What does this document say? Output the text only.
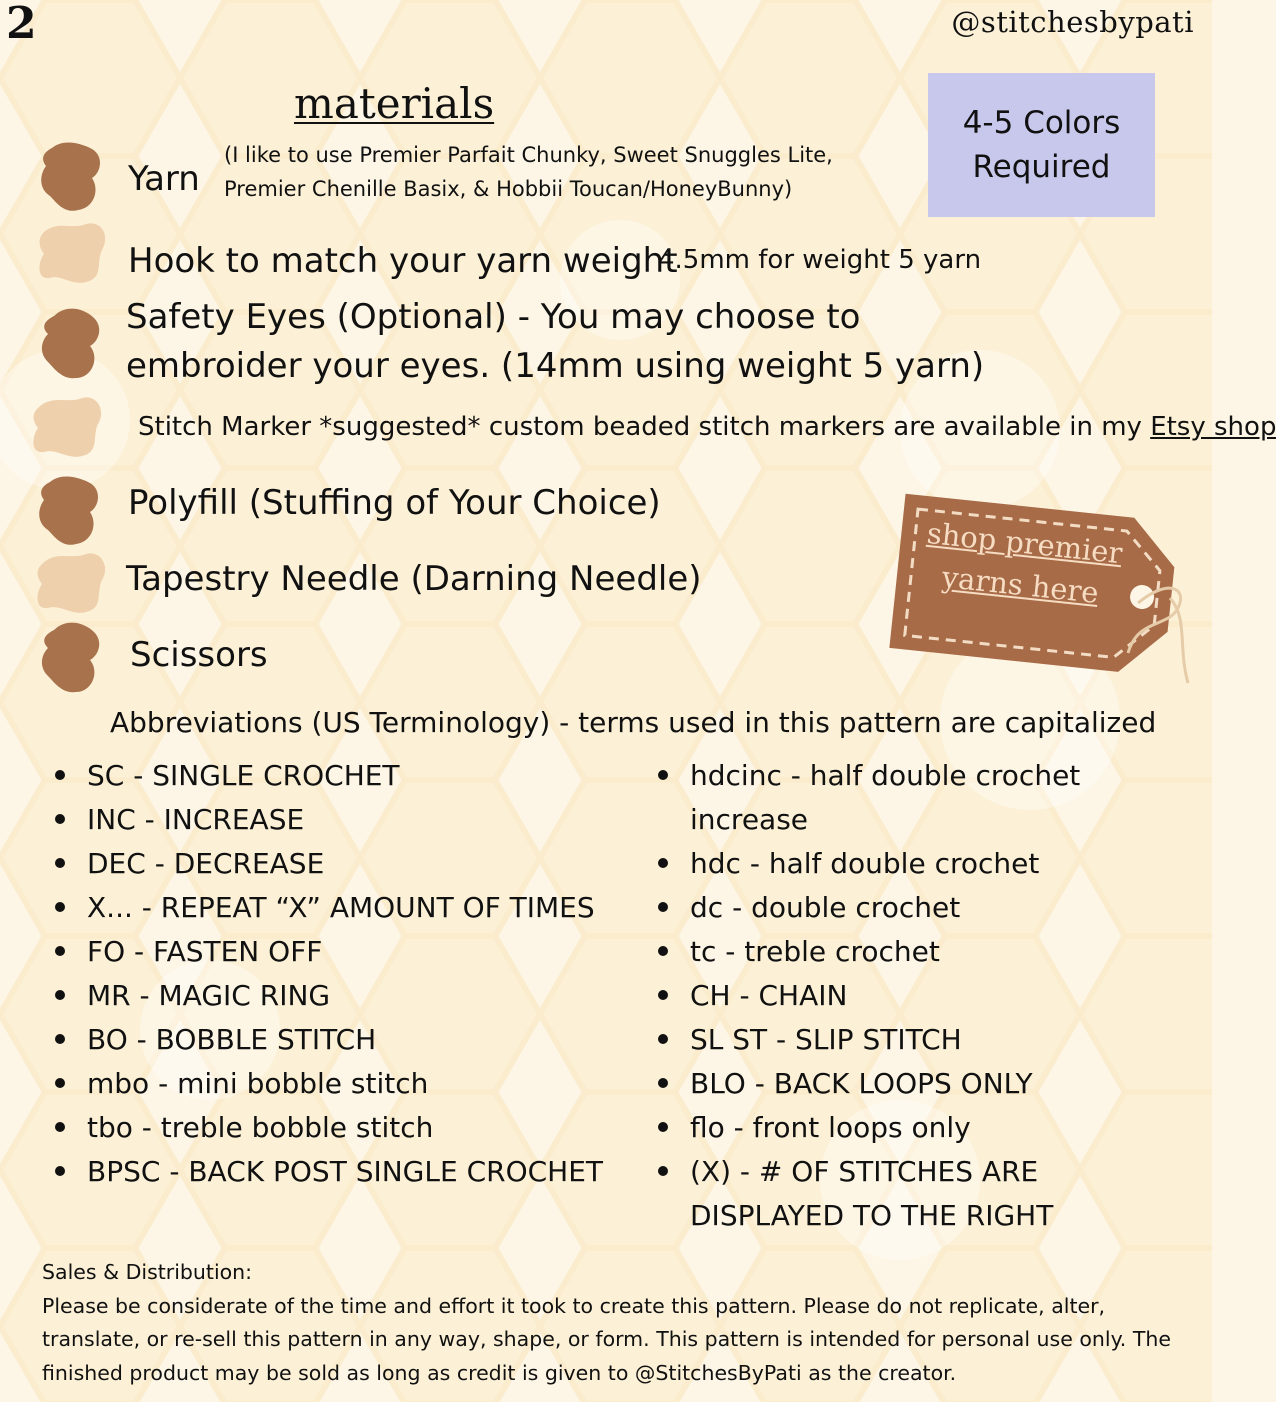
2	@stitchesbypati
materials	4-5 Colors Required
Yarn
(I like to use Premier Parfait Chunky, Sweet Snuggles Lite, Premier Chenille Basix, & Hobbii Toucan/HoneyBunny)
Hook to match your yarn weight
4.5mm for weight 5 yarn
Safety Eyes (Optional) - You may choose to
embroider your eyes. (14mm using weight 5 yarn)
Stitch Marker *suggested* custom beaded stitch markers are available in my Etsy shop
Polyfill (Stuffing of Your Choice)
Tapestry Needle (Darning Needle)
Scissors
shop premier yarns here
Abbreviations (US Terminology) - terms used in this pattern are capitalized
SC - SINGLE CROCHET
INC - INCREASE
DEC - DECREASE
X... - REPEAT “X” AMOUNT OF TIMES
FO - FASTEN OFF
MR - MAGIC RING
BO - BOBBLE STITCH
mbo - mini bobble stitch
tbo - treble bobble stitch
BPSC - BACK POST SINGLE CROCHET
hdcinc - half double crochet
increase
hdc - half double crochet
dc - double crochet
tc - treble crochet
CH - CHAIN
SL ST - SLIP STITCH
BLO - BACK LOOPS ONLY
flo - front loops only
(X) - # OF STITCHES ARE
DISPLAYED TO THE RIGHT
Sales & Distribution:
Please be considerate of the time and effort it took to create this pattern. Please do not replicate, alter, translate, or re-sell this pattern in any way, shape, or form. This pattern is intended for personal use only. The finished product may be sold as long as credit is given to @StitchesByPati as the creator.
